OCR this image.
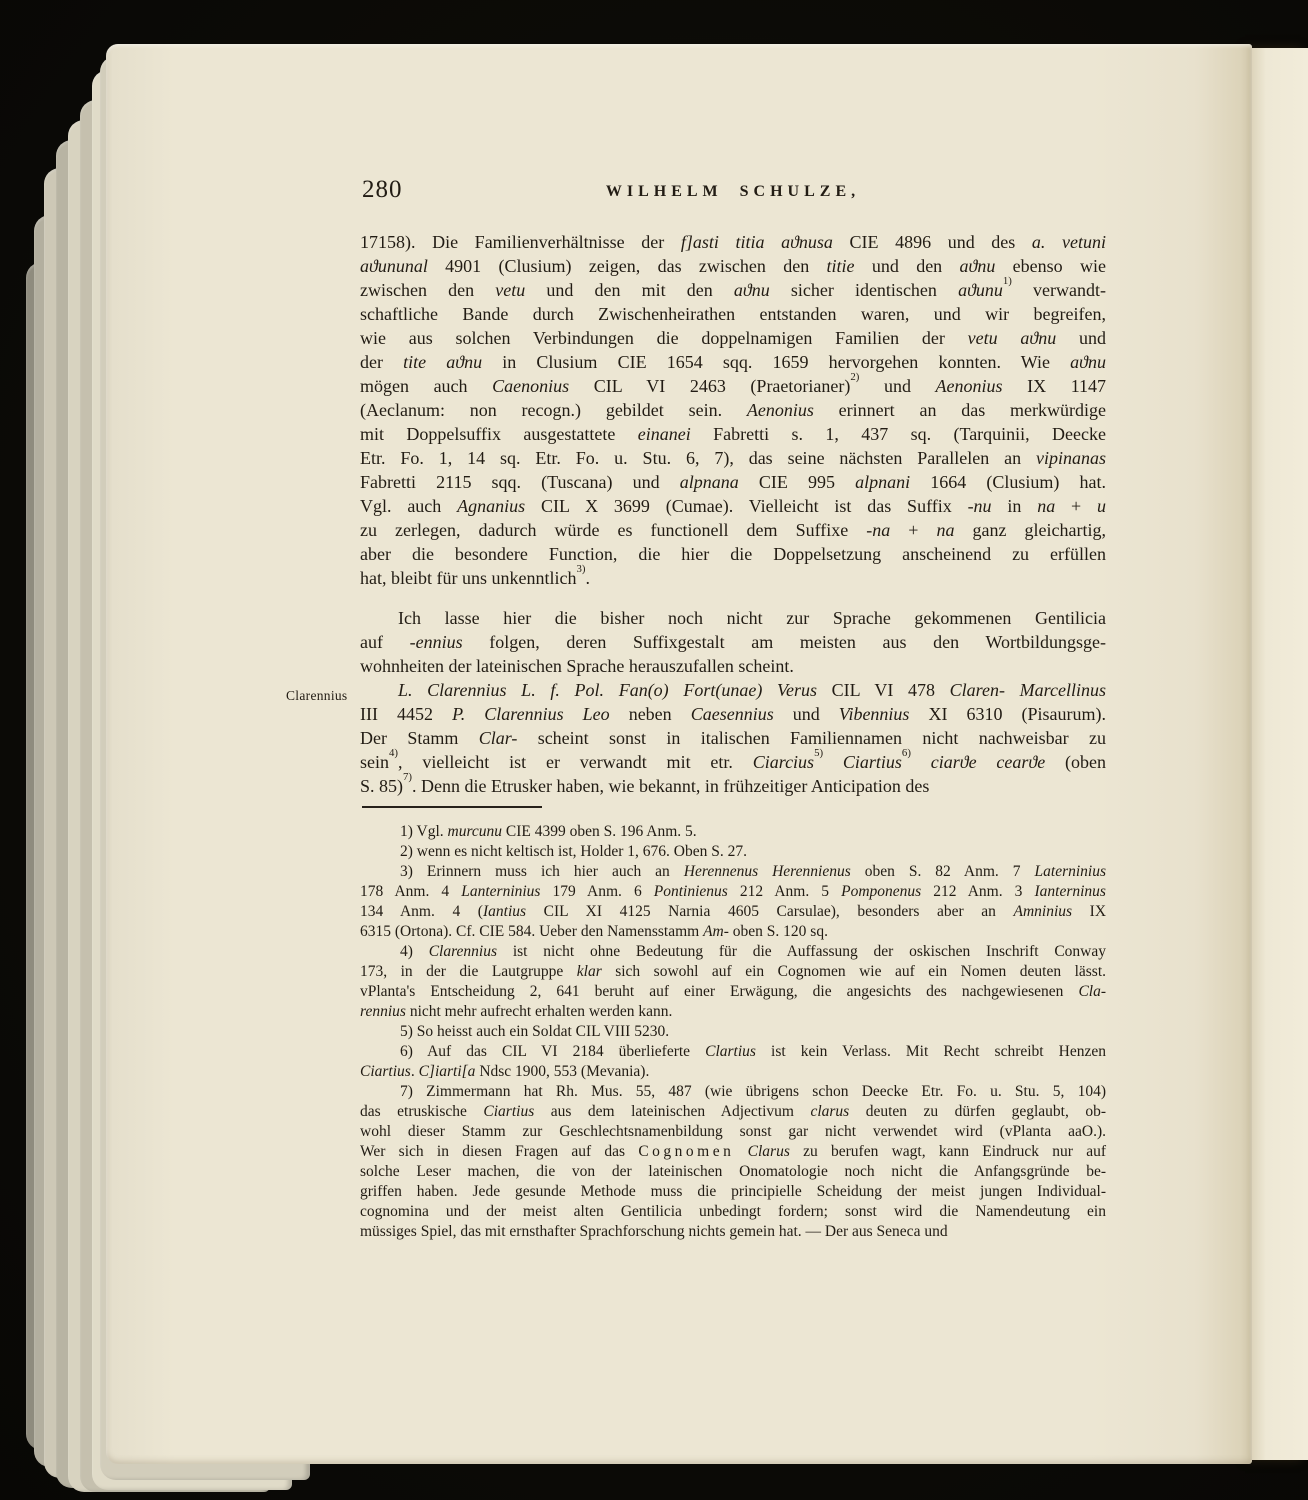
280	WILHELM SCHULZE,
Clarennius
17158). Die Familienverhältnisse der f]asti titia aϑnusa CIE 4896 und des a. vetuni
aϑununal 4901 (Clusium) zeigen, das zwischen den titie und den aϑnu ebenso wie
zwischen den vetu und den mit den aϑnu sicher identischen aϑunu$^{1)}$ verwandt-
schaftliche Bande durch Zwischenheirathen entstanden waren, und wir begreifen,
wie aus solchen Verbindungen die doppelnamigen Familien der vetu aϑnu und
der tite aϑnu in Clusium CIE 1654 sqq. 1659 hervorgehen konnten. Wie aϑnu
mögen auch Caenonius CIL VI 2463 (Praetorianer)$^{2)}$ und Aenonius IX 1147
(Aeclanum: non recogn.) gebildet sein. Aenonius erinnert an das merkwürdige
mit Doppelsuffix ausgestattete einanei Fabretti s. 1, 437 sq. (Tarquinii, Deecke
Etr. Fo. 1, 14 sq. Etr. Fo. u. Stu. 6, 7), das seine nächsten Parallelen an vipinanas
Fabretti 2115 sqq. (Tuscana) und alpnana CIE 995 alpnani 1664 (Clusium) hat.
Vgl. auch Agnanius CIL X 3699 (Cumae). Vielleicht ist das Suffix -nu in na + u
zu zerlegen, dadurch würde es functionell dem Suffixe -na + na ganz gleichartig,
aber die besondere Function, die hier die Doppelsetzung anscheinend zu erfüllen
hat, bleibt für uns unkenntlich$^{3)}$.
Ich lasse hier die bisher noch nicht zur Sprache gekommenen Gentilicia
auf -ennius folgen, deren Suffixgestalt am meisten aus den Wortbildungsge-
wohnheiten der lateinischen Sprache herauszufallen scheint.
L. Clarennius L. f. Pol. Fan(o) Fort(unae) Verus CIL VI 478 Claren- Marcellinus
III 4452 P. Clarennius Leo neben Caesennius und Vibennius XI 6310 (Pisaurum).
Der Stamm Clar- scheint sonst in italischen Familiennamen nicht nachweisbar zu
sein$^{4)}$, vielleicht ist er verwandt mit etr. Ciarcius$^{5)}$ Ciartius$^{6)}$ ciarϑe cearϑe (oben
S. 85)$^{7)}$. Denn die Etrusker haben, wie bekannt, in frühzeitiger Anticipation des
1) Vgl. murcunu CIE 4399 oben S. 196 Anm. 5.
2) wenn es nicht keltisch ist, Holder 1, 676. Oben S. 27.
3) Erinnern muss ich hier auch an Herennenus Herennienus oben S. 82 Anm. 7 Laterninius
178 Anm. 4 Lanterninius 179 Anm. 6 Pontinienus 212 Anm. 5 Pomponenus 212 Anm. 3 Ianterninus
134 Anm. 4 (Iantius CIL XI 4125 Narnia 4605 Carsulae), besonders aber an Amninius IX
6315 (Ortona). Cf. CIE 584. Ueber den Namensstamm Am- oben S. 120 sq.
4) Clarennius ist nicht ohne Bedeutung für die Auffassung der oskischen Inschrift Conway
173, in der die Lautgruppe klar sich sowohl auf ein Cognomen wie auf ein Nomen deuten lässt.
vPlanta's Entscheidung 2, 641 beruht auf einer Erwägung, die angesichts des nachgewiesenen Cla-
rennius nicht mehr aufrecht erhalten werden kann.
5) So heisst auch ein Soldat CIL VIII 5230.
6) Auf das CIL VI 2184 überlieferte Clartius ist kein Verlass. Mit Recht schreibt Henzen
Ciartius. C]iarti[a Ndsc 1900, 553 (Mevania).
7) Zimmermann hat Rh. Mus. 55, 487 (wie übrigens schon Deecke Etr. Fo. u. Stu. 5, 104)
das etruskische Ciartius aus dem lateinischen Adjectivum clarus deuten zu dürfen geglaubt, ob-
wohl dieser Stamm zur Geschlechtsnamenbildung sonst gar nicht verwendet wird (vPlanta aaO.).
Wer sich in diesen Fragen auf das Cognomen Clarus zu berufen wagt, kann Eindruck nur auf
solche Leser machen, die von der lateinischen Onomatologie noch nicht die Anfangsgründe be-
griffen haben. Jede gesunde Methode muss die principielle Scheidung der meist jungen Individual-
cognomina und der meist alten Gentilicia unbedingt fordern; sonst wird die Namendeutung ein
müssiges Spiel, das mit ernsthafter Sprachforschung nichts gemein hat. — Der aus Seneca und
